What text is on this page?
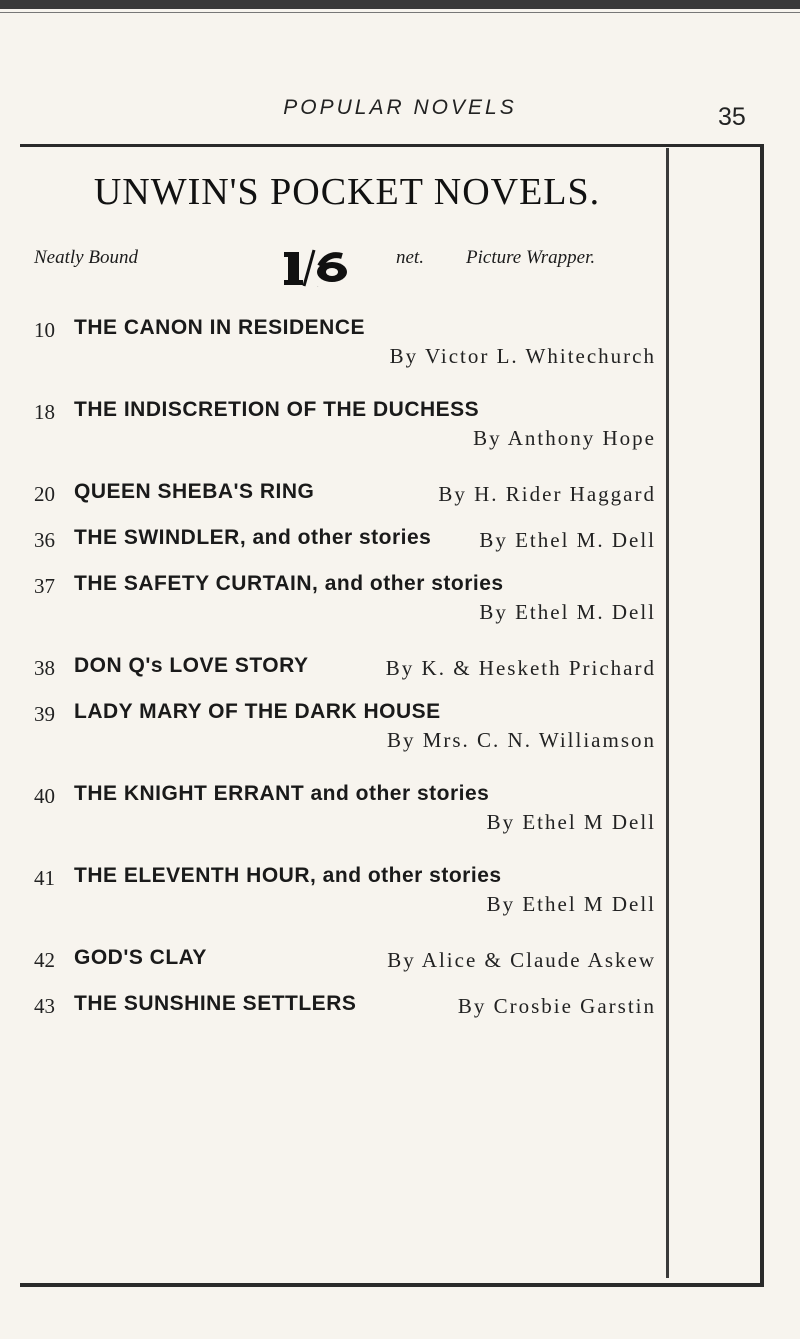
POPULAR NOVELS	35
UNWIN'S POCKET NOVELS.
Neatly Bound	net. Picture Wrapper.
1/6
10 THE CANON IN RESIDENCE
By Victor L. Whitechurch
18 THE INDISCRETION OF THE DUCHESS
By Anthony Hope
20 QUEEN SHEBA'S RING	By H. Rider Haggard
36 THE SWINDLER, and other stories By Ethel M. Dell
37 THE SAFETY CURTAIN, and other stories
By Ethel M. Dell
38 DON Q's LOVE STORY	By K. & Hesketh Prichard
39 LADY MARY OF THE DARK HOUSE
By Mrs. C. N. Williamson
40 THE KNIGHT ERRANT and other stories
By Ethel M Dell
41 THE ELEVENTH HOUR, and other stories
By Ethel M Dell
42 GOD'S CLAY	By Alice & Claude Askew
43 THE SUNSHINE SETTLERS	By Crosbie Garstin
